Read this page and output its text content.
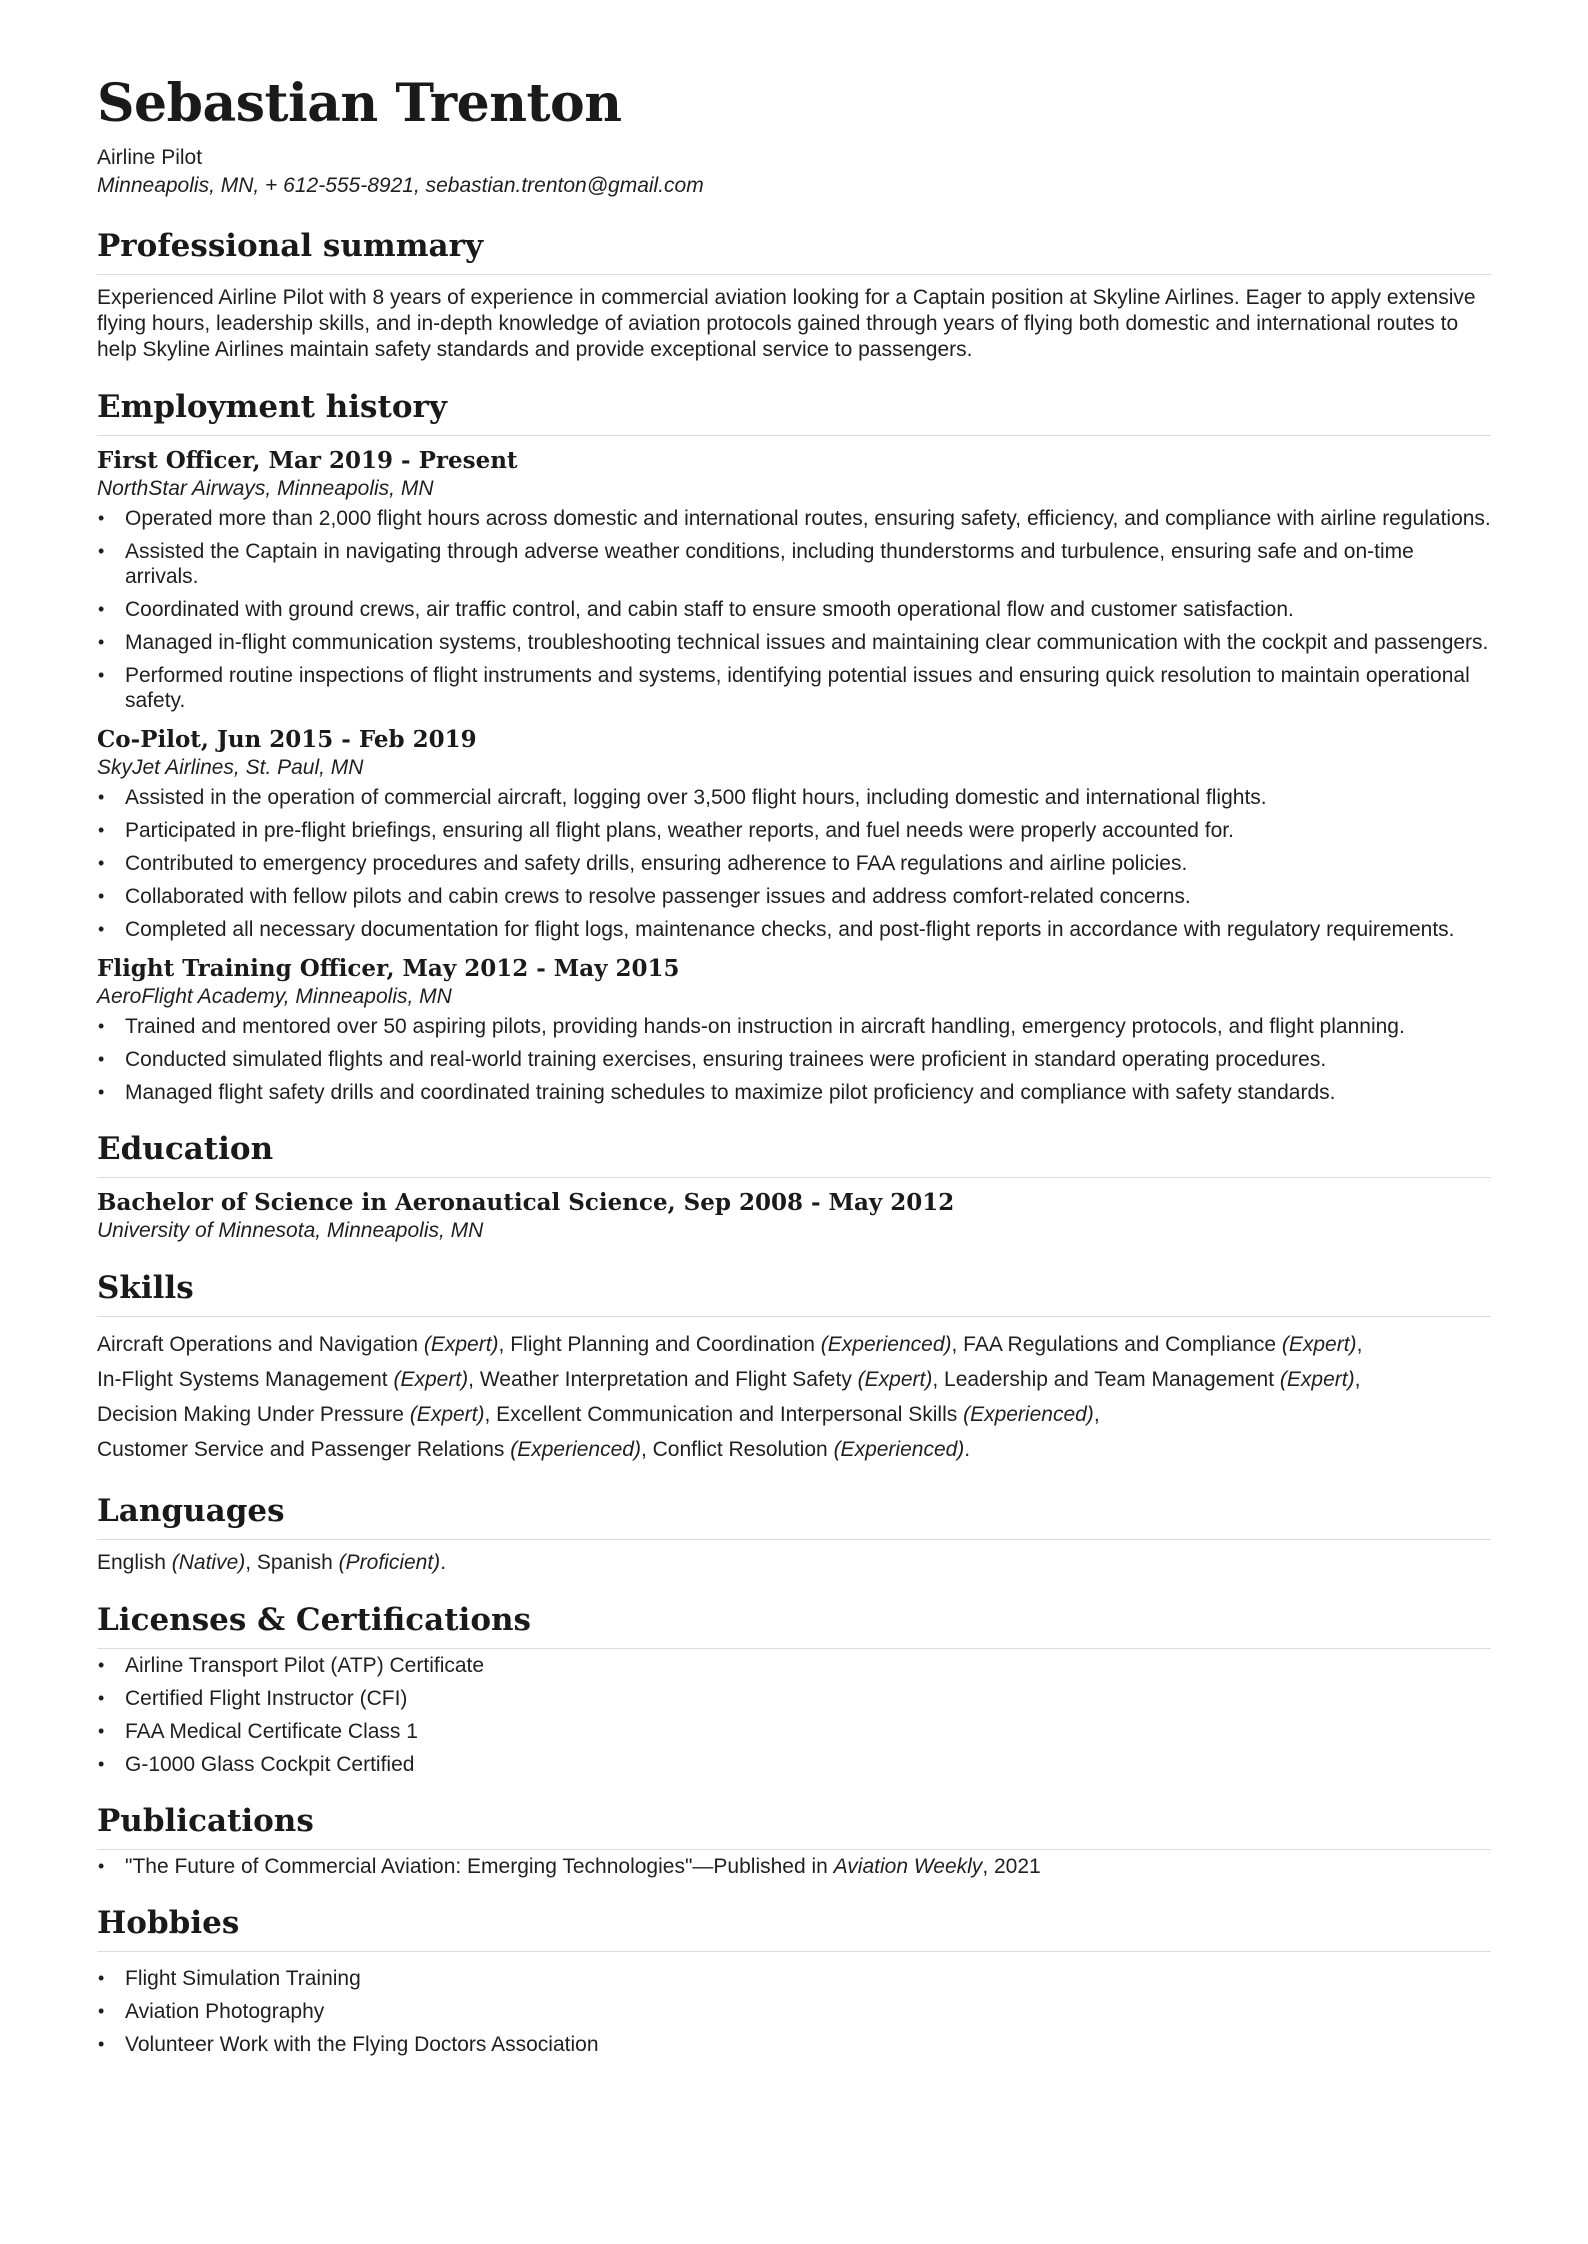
Sebastian Trenton
Airline Pilot
Minneapolis, MN, + 612-555-8921, sebastian.trenton@gmail.com
Professional summary
Experienced Airline Pilot with 8 years of experience in commercial aviation looking for a Captain position at Skyline Airlines. Eager to apply extensive flying hours, leadership skills, and in-depth knowledge of aviation protocols gained through years of flying both domestic and international routes to help Skyline Airlines maintain safety standards and provide exceptional service to passengers.
Employment history
First Officer, Mar 2019 - Present
NorthStar Airways, Minneapolis, MN
• Operated more than 2,000 flight hours across domestic and international routes, ensuring safety, efficiency, and compliance with airline regulations.
• Assisted the Captain in navigating through adverse weather conditions, including thunderstorms and turbulence, ensuring safe and on-time arrivals.
• Coordinated with ground crews, air traffic control, and cabin staff to ensure smooth operational flow and customer satisfaction.
• Managed in-flight communication systems, troubleshooting technical issues and maintaining clear communication with the cockpit and passengers.
• Performed routine inspections of flight instruments and systems, identifying potential issues and ensuring quick resolution to maintain operational safety.
Co-Pilot, Jun 2015 - Feb 2019
SkyJet Airlines, St. Paul, MN
• Assisted in the operation of commercial aircraft, logging over 3,500 flight hours, including domestic and international flights.
• Participated in pre-flight briefings, ensuring all flight plans, weather reports, and fuel needs were properly accounted for.
• Contributed to emergency procedures and safety drills, ensuring adherence to FAA regulations and airline policies.
• Collaborated with fellow pilots and cabin crews to resolve passenger issues and address comfort-related concerns.
• Completed all necessary documentation for flight logs, maintenance checks, and post-flight reports in accordance with regulatory requirements.
Flight Training Officer, May 2012 - May 2015
AeroFlight Academy, Minneapolis, MN
• Trained and mentored over 50 aspiring pilots, providing hands-on instruction in aircraft handling, emergency protocols, and flight planning.
• Conducted simulated flights and real-world training exercises, ensuring trainees were proficient in standard operating procedures.
• Managed flight safety drills and coordinated training schedules to maximize pilot proficiency and compliance with safety standards.
Education
Bachelor of Science in Aeronautical Science, Sep 2008 - May 2012
University of Minnesota, Minneapolis, MN
Skills
Aircraft Operations and Navigation (Expert), Flight Planning and Coordination (Experienced), FAA Regulations and Compliance (Expert),
In-Flight Systems Management (Expert), Weather Interpretation and Flight Safety (Expert), Leadership and Team Management (Expert),
Decision Making Under Pressure (Expert), Excellent Communication and Interpersonal Skills (Experienced),
Customer Service and Passenger Relations (Experienced), Conflict Resolution (Experienced).
Languages
English (Native), Spanish (Proficient).
Licenses & Certifications
• Airline Transport Pilot (ATP) Certificate
• Certified Flight Instructor (CFI)
• FAA Medical Certificate Class 1
• G-1000 Glass Cockpit Certified
Publications
• "The Future of Commercial Aviation: Emerging Technologies"—Published in Aviation Weekly, 2021
Hobbies
• Flight Simulation Training
• Aviation Photography
• Volunteer Work with the Flying Doctors Association
